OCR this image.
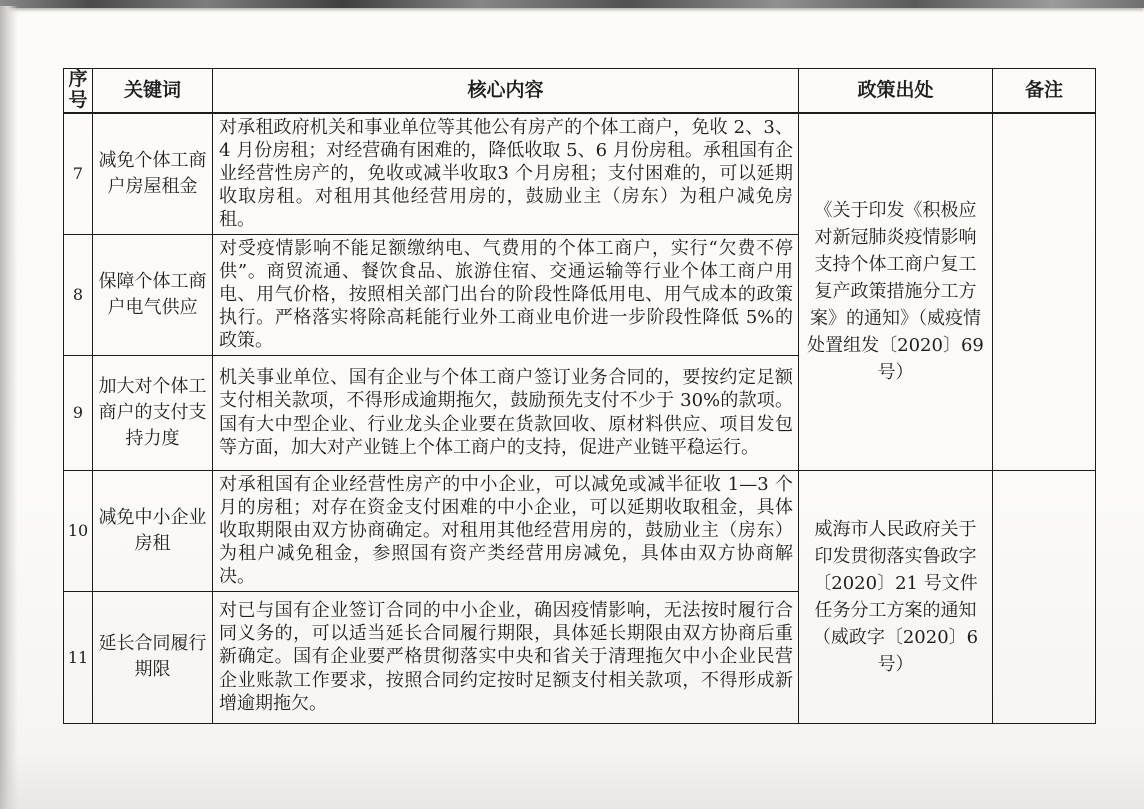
序号	关键词	核心内容	政策出处	备注
7	减免个体工商户房屋租金	对承租政府机关和事业单位等其他公有房产的个体工商户，免收 2、3、4 月份房租；对经营确有困难的，降低收取 5、6 月份房租。承租国有企业经营性房产的，免收或减半收取3 个月房租；支付困难的，可以延期收取房租。对租用其他经营用房的，鼓励业主（房东）为租户减免房租。	《关于印发《积极应对新冠肺炎疫情影响支持个体工商户复工复产政策措施分工方案》的通知》（威疫情处置组发〔2020〕69号）	
8	保障个体工商户电气供应	对受疫情影响不能足额缴纳电、气费用的个体工商户，实行“欠费不停供”。商贸流通、餐饮食品、旅游住宿、交通运输等行业个体工商户用电、用气价格，按照相关部门出台的阶段性降低用电、用气成本的政策执行。严格落实将除高耗能行业外工商业电价进一步阶段性降低 5%的政策。		
9	加大对个体工商户的支付支持力度	机关事业单位、国有企业与个体工商户签订业务合同的，要按约定足额支付相关款项，不得形成逾期拖欠，鼓励预先支付不少于 30%的款项。国有大中型企业、行业龙头企业要在货款回收、原材料供应、项目发包等方面，加大对产业链上个体工商户的支持，促进产业链平稳运行。		
10	减免中小企业房租	对承租国有企业经营性房产的中小企业，可以减免或减半征收 1—3 个月的房租；对存在资金支付困难的中小企业，可以延期收取租金，具体收取期限由双方协商确定。对租用其他经营用房的，鼓励业主（房东）为租户减免租金，参照国有资产类经营用房减免，具体由双方协商解决。	威海市人民政府关于印发贯彻落实鲁政字〔2020〕21 号文件任务分工方案的通知（威政字〔2020〕6 号）	
11	延长合同履行期限	对已与国有企业签订合同的中小企业，确因疫情影响，无法按时履行合同义务的，可以适当延长合同履行期限，具体延长期限由双方协商后重新确定。国有企业要严格贯彻落实中央和省关于清理拖欠中小企业民营企业账款工作要求，按照合同约定按时足额支付相关款项，不得形成新增逾期拖欠。		
